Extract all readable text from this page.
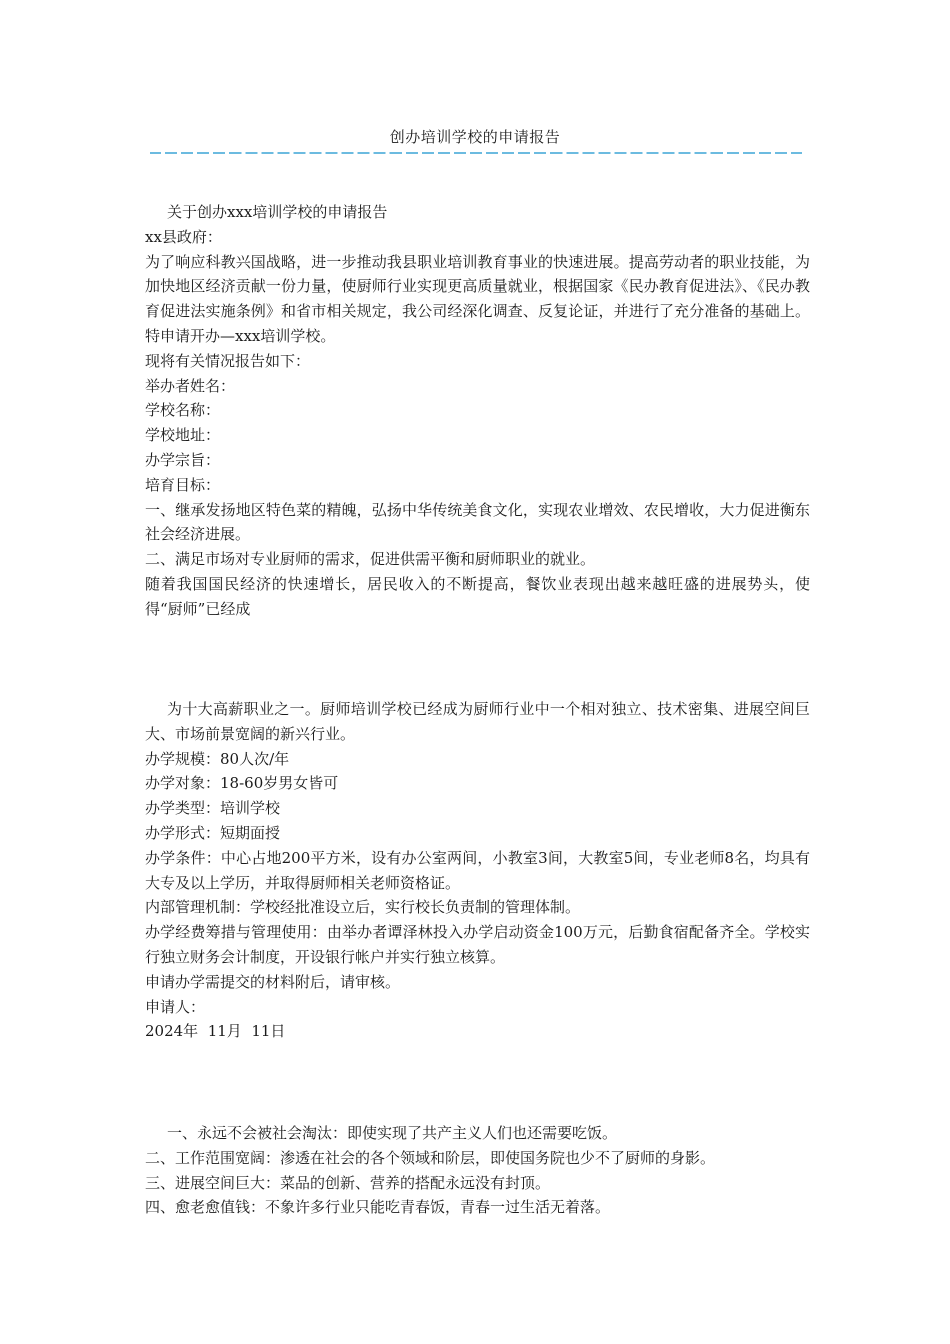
创办培训学校的申请报告

关于创办xxx培训学校的申请报告

xx县政府：

为了响应科教兴国战略，进一步推动我县职业培训教育事业的快速进展。提高劳动者的职业技能，为加快地区经济贡献一份力量，使厨师行业实现更高质量就业，根据国家《民办教育促进法》、《民办教育促进法实施条例》和省市相关规定，我公司经深化调查、反复论证，并进行了充分准备的基础上。特申请开办—xxx培训学校。

现将有关情况报告如下：

举办者姓名：

学校名称：

学校地址：

办学宗旨：

培育目标：

一、继承发扬地区特色菜的精魄，弘扬中华传统美食文化，实现农业增效、农民增收，大力促进衡东社会经济进展。

二、满足市场对专业厨师的需求，促进供需平衡和厨师职业的就业。

随着我国国民经济的快速增长，居民收入的不断提高，餐饮业表现出越来越旺盛的进展势头，使得“厨师”已经成

为十大高薪职业之一。厨师培训学校已经成为厨师行业中一个相对独立、技术密集、进展空间巨大、市场前景宽阔的新兴行业。

办学规模：80人次/年

办学对象：18-60岁男女皆可

办学类型：培训学校

办学形式：短期面授

办学条件：中心占地200平方米，设有办公室两间，小教室3间，大教室5间，专业老师8名，均具有大专及以上学历，并取得厨师相关老师资格证。

内部管理机制：学校经批准设立后，实行校长负责制的管理体制。

办学经费筹措与管理使用：由举办者谭泽林投入办学启动资金100万元，后勤食宿配备齐全。学校实行独立财务会计制度，开设银行帐户并实行独立核算。

申请办学需提交的材料附后，请审核。

申请人：

2024年  11月  11日

一、永远不会被社会淘汰：即使实现了共产主义人们也还需要吃饭。

二、工作范围宽阔：渗透在社会的各个领域和阶层，即使国务院也少不了厨师的身影。

三、进展空间巨大：菜品的创新、营养的搭配永远没有封顶。

四、愈老愈值钱：不象许多行业只能吃青春饭，青春一过生活无着落。
